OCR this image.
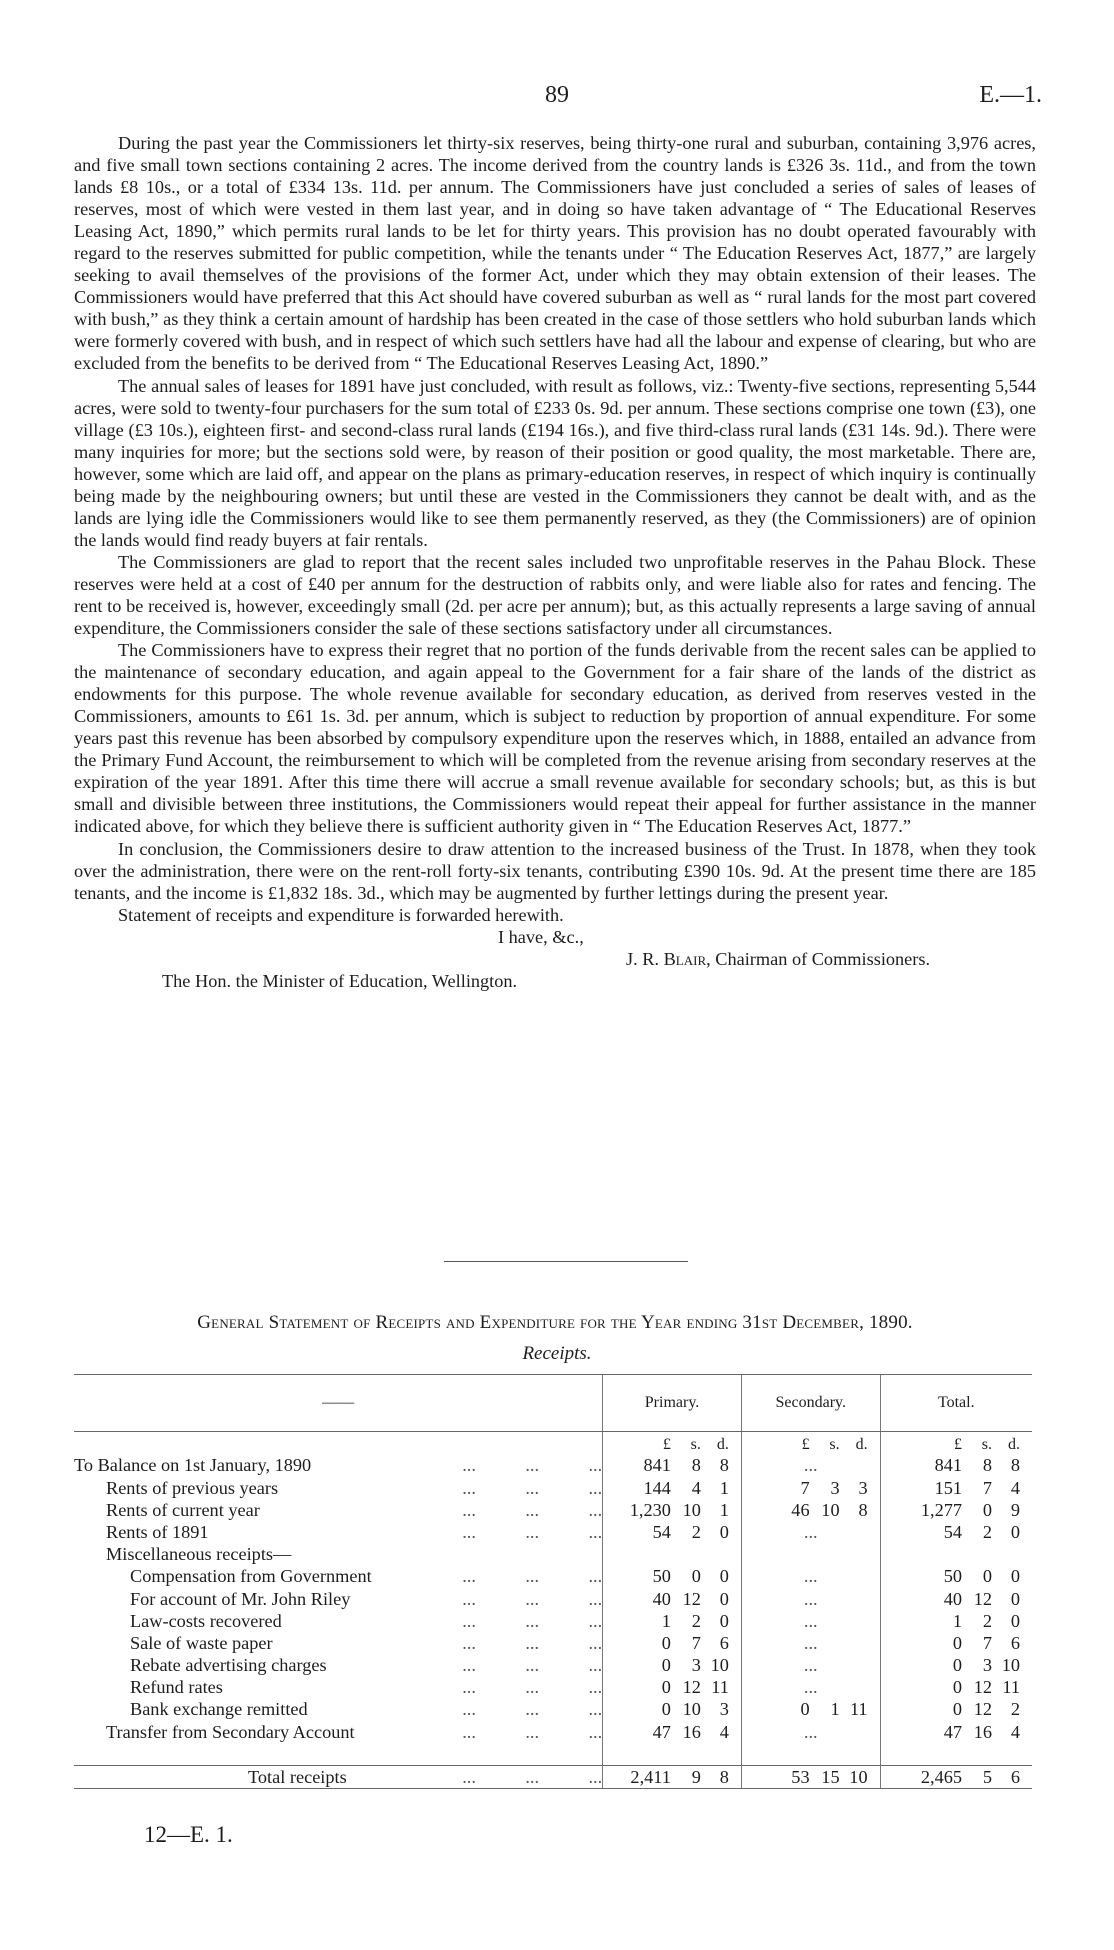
89	E.—1.

During the past year the Commissioners let thirty-six reserves, being thirty-one rural and suburban, containing 3,976 acres, and five small town sections containing 2 acres. The income derived from the country lands is £326 3s. 11d., and from the town lands £8 10s., or a total of £334 13s. 11d. per annum. The Commissioners have just concluded a series of sales of leases of reserves, most of which were vested in them last year, and in doing so have taken advantage of “ The Educational Reserves Leasing Act, 1890,” which permits rural lands to be let for thirty years. This provision has no doubt operated favourably with regard to the reserves submitted for public competition, while the tenants under “ The Education Reserves Act, 1877,” are largely seeking to avail themselves of the provisions of the former Act, under which they may obtain extension of their leases. The Commissioners would have preferred that this Act should have covered suburban as well as “ rural lands for the most part covered with bush,” as they think a certain amount of hardship has been created in the case of those settlers who hold suburban lands which were formerly covered with bush, and in respect of which such settlers have had all the labour and expense of clearing, but who are excluded from the benefits to be derived from “ The Educational Reserves Leasing Act, 1890.”

The annual sales of leases for 1891 have just concluded, with result as follows, viz.: Twenty-five sections, representing 5,544 acres, were sold to twenty-four purchasers for the sum total of £233 0s. 9d. per annum. These sections comprise one town (£3), one village (£3 10s.), eighteen first- and second-class rural lands (£194 16s.), and five third-class rural lands (£31 14s. 9d.). There were many inquiries for more; but the sections sold were, by reason of their position or good quality, the most marketable. There are, however, some which are laid off, and appear on the plans as primary-education reserves, in respect of which inquiry is continually being made by the neighbouring owners; but until these are vested in the Commissioners they cannot be dealt with, and as the lands are lying idle the Commissioners would like to see them permanently reserved, as they (the Commissioners) are of opinion the lands would find ready buyers at fair rentals.

The Commissioners are glad to report that the recent sales included two unprofitable reserves in the Pahau Block. These reserves were held at a cost of £40 per annum for the destruction of rabbits only, and were liable also for rates and fencing. The rent to be received is, however, exceedingly small (2d. per acre per annum); but, as this actually represents a large saving of annual expenditure, the Commissioners consider the sale of these sections satisfactory under all circumstances.

The Commissioners have to express their regret that no portion of the funds derivable from the recent sales can be applied to the maintenance of secondary education, and again appeal to the Government for a fair share of the lands of the district as endowments for this purpose. The whole revenue available for secondary education, as derived from reserves vested in the Commissioners, amounts to £61 1s. 3d. per annum, which is subject to reduction by proportion of annual expenditure. For some years past this revenue has been absorbed by compulsory expenditure upon the reserves which, in 1888, entailed an advance from the Primary Fund Account, the reimbursement to which will be completed from the revenue arising from secondary reserves at the expiration of the year 1891. After this time there will accrue a small revenue available for secondary schools; but, as this is but small and divisible between three institutions, the Commissioners would repeat their appeal for further assistance in the manner indicated above, for which they believe there is sufficient authority given in “ The Education Reserves Act, 1877.”

In conclusion, the Commissioners desire to draw attention to the increased business of the Trust. In 1878, when they took over the administration, there were on the rent-roll forty-six tenants, contributing £390 10s. 9d. At the present time there are 185 tenants, and the income is £1,832 18s. 3d., which may be augmented by further lettings during the present year.

Statement of receipts and expenditure is forwarded herewith.

I have, &c.,

J. R. Blair, Chairman of Commissioners.

The Hon. the Minister of Education, Wellington.

General Statement of Receipts and Expenditure for the Year ending 31st December, 1890.
Receipts.
——	Primary.	Secondary.	Total.

	£ s. d.	£ s. d.	£ s. d.

To Balance on 1st January, 1890 ... ... ...	841 8 8	...	841 8 8

Rents of previous years ... ... ...	144 4 1	7 3 3	151 7 4

Rents of current year ... ... ...	1,230 10 1	46 10 8	1,277 0 9

Rents of 1891 ... ... ...	54 2 0	...	54 2 0

Miscellaneous receipts—			

Compensation from Government ... ... ...	50 0 0	...	50 0 0

For account of Mr. John Riley ... ... ...	40 12 0	...	40 12 0

Law-costs recovered ... ... ...	1 2 0	...	1 2 0

Sale of waste paper ... ... ...	0 7 6	...	0 7 6

Rebate advertising charges ... ... ...	0 3 10	...	0 3 10

Refund rates ... ... ...	0 12 11	...	0 12 11

Bank exchange remitted ... ... ...	0 10 3	0 1 11	0 12 2

Transfer from Secondary Account ... ... ...	47 16 4	...	47 16 4

Total receipts ... ... ...	2,411 9 8	53 15 10	2,465 5 6
12—E. 1.
